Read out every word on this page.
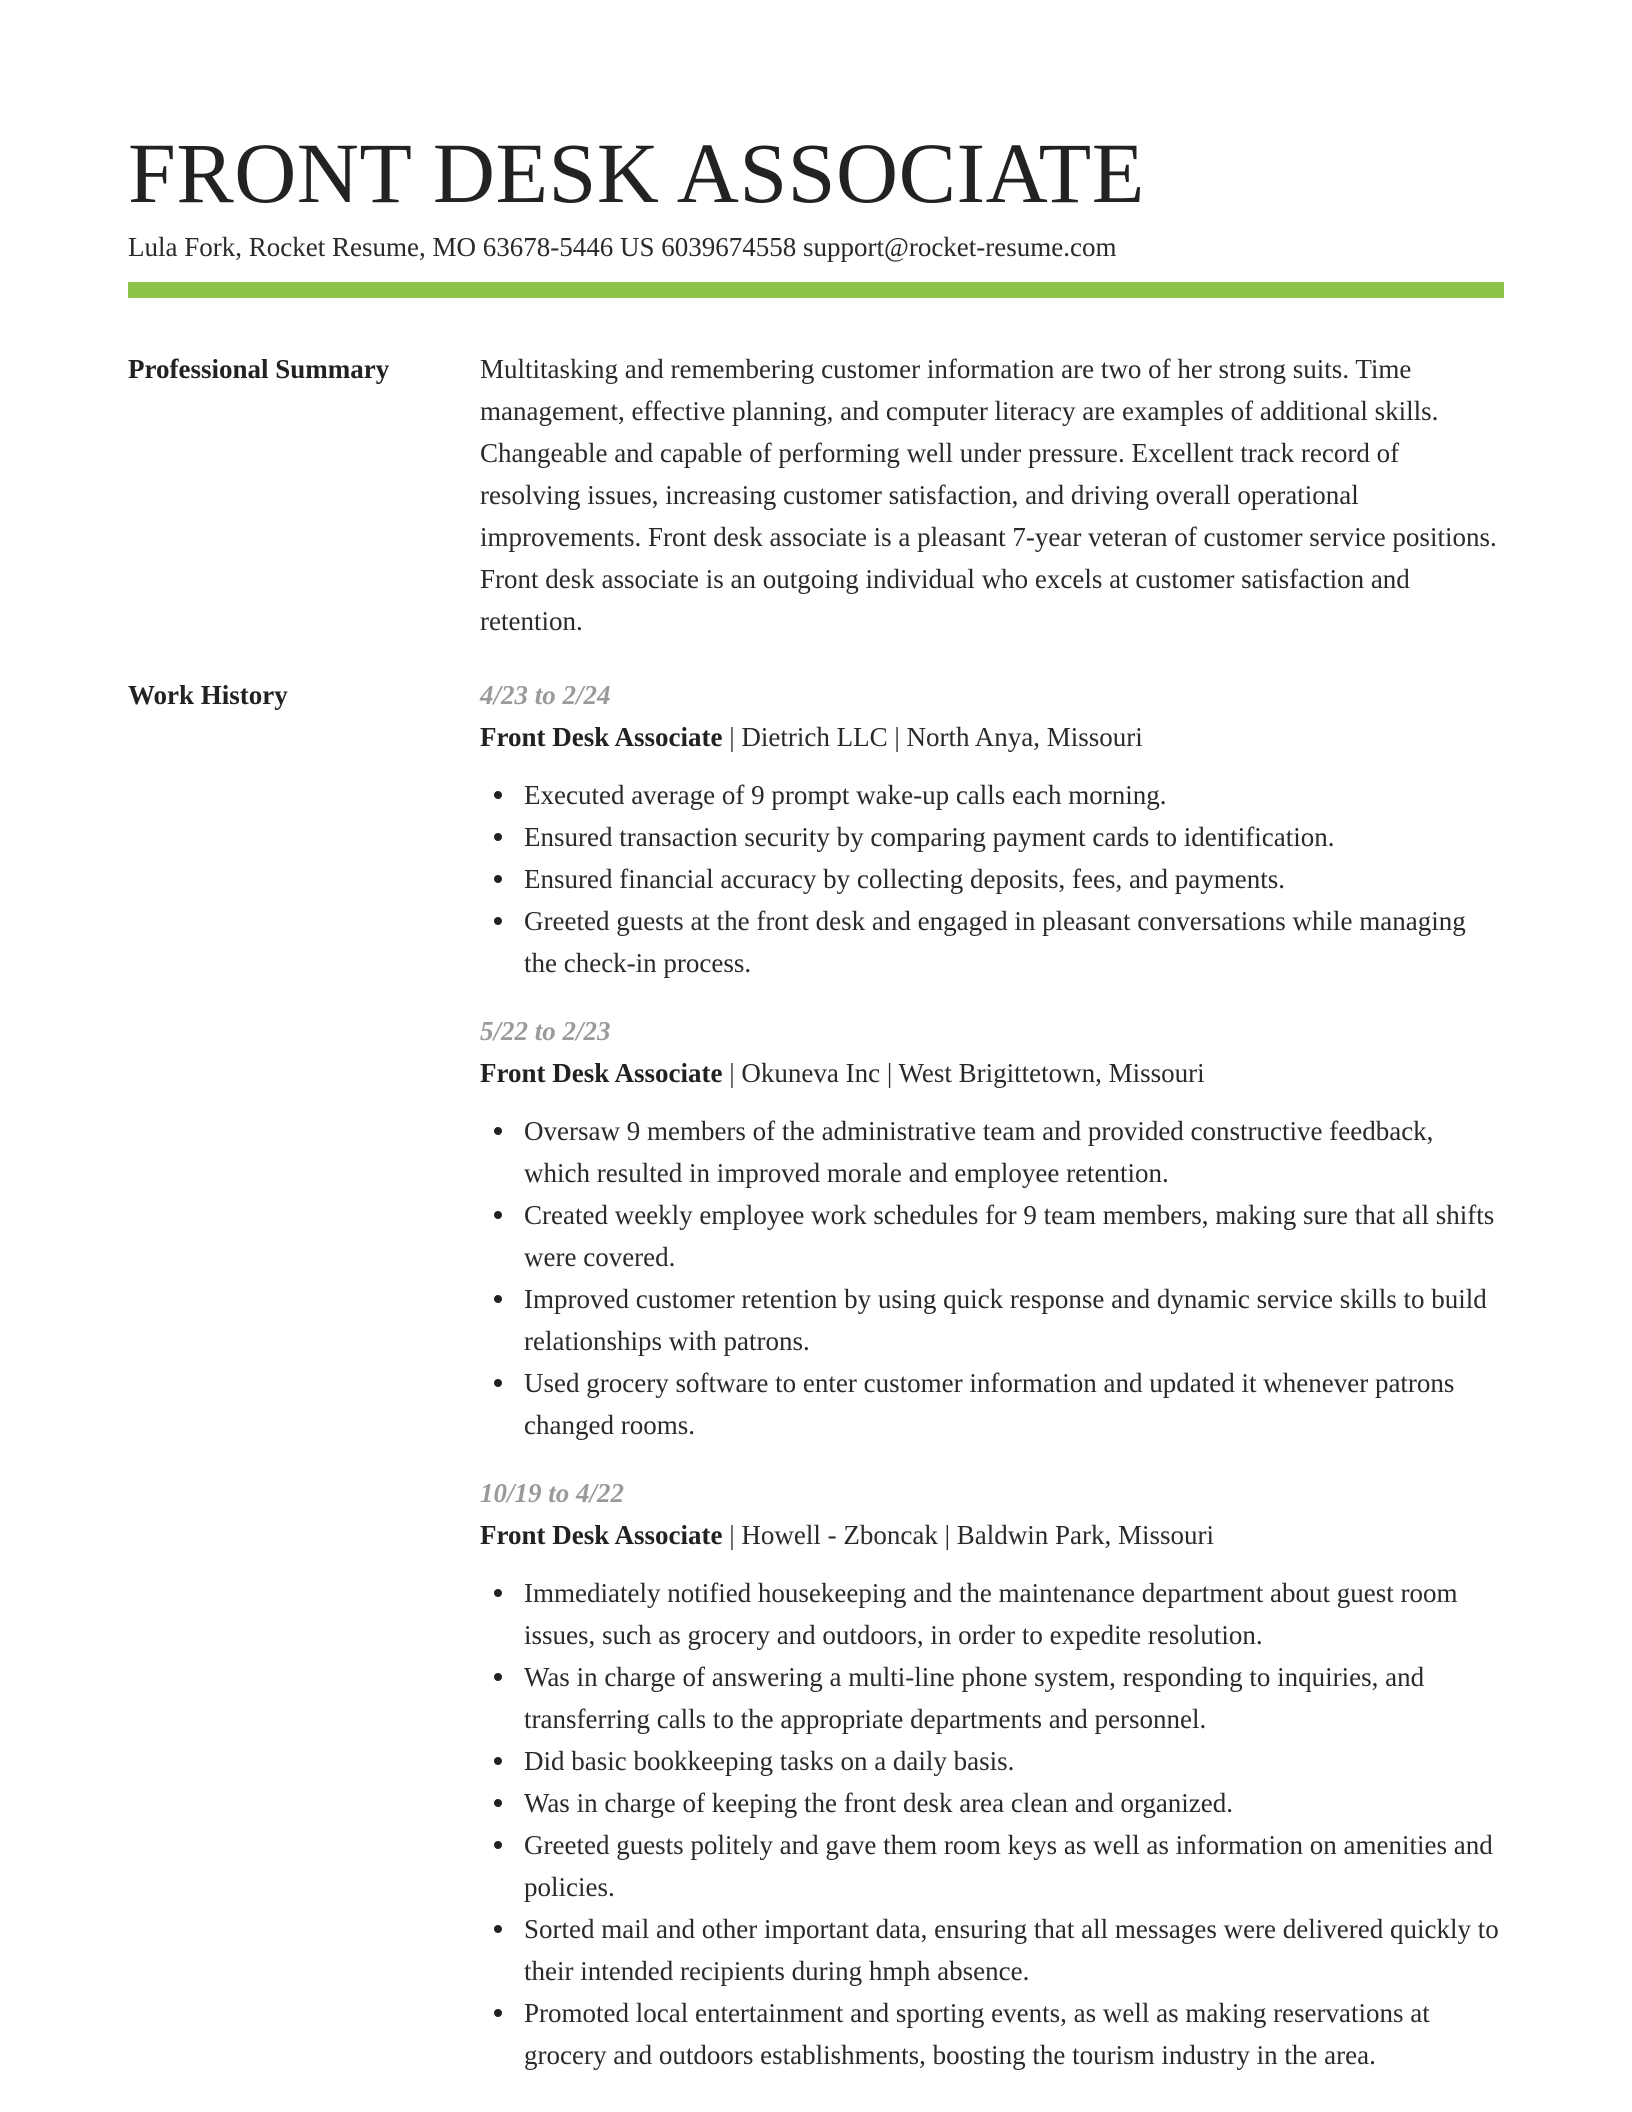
FRONT DESK ASSOCIATE
Lula Fork, Rocket Resume, MO 63678-5446 US 6039674558 support@rocket-resume.com
Professional Summary	Multitasking and remembering customer information are two of her strong suits. Time management, effective planning, and computer literacy are examples of additional skills. Changeable and capable of performing well under pressure. Excellent track record of resolving issues, increasing customer satisfaction, and driving overall operational improvements. Front desk associate is a pleasant 7-year veteran of customer service positions. Front desk associate is an outgoing individual who excels at customer satisfaction and retention.

Work History	4/23 to 2/24
Front Desk Associate | Dietrich LLC | North Anya, Missouri
Executed average of 9 prompt wake-up calls each morning.
Ensured transaction security by comparing payment cards to identification.
Ensured financial accuracy by collecting deposits, fees, and payments.
Greeted guests at the front desk and engaged in pleasant conversations while managing the check-in process.
5/22 to 2/23
Front Desk Associate | Okuneva Inc | West Brigittetown, Missouri
Oversaw 9 members of the administrative team and provided constructive feedback, which resulted in improved morale and employee retention.
Created weekly employee work schedules for 9 team members, making sure that all shifts were covered.
Improved customer retention by using quick response and dynamic service skills to build relationships with patrons.
Used grocery software to enter customer information and updated it whenever patrons changed rooms.
10/19 to 4/22
Front Desk Associate | Howell - Zboncak | Baldwin Park, Missouri
Immediately notified housekeeping and the maintenance department about guest room issues, such as grocery and outdoors, in order to expedite resolution.
Was in charge of answering a multi-line phone system, responding to inquiries, and transferring calls to the appropriate departments and personnel.
Did basic bookkeeping tasks on a daily basis.
Was in charge of keeping the front desk area clean and organized.
Greeted guests politely and gave them room keys as well as information on amenities and policies.
Sorted mail and other important data, ensuring that all messages were delivered quickly to their intended recipients during hmph absence.
Promoted local entertainment and sporting events, as well as making reservations at grocery and outdoors establishments, boosting the tourism industry in the area.
